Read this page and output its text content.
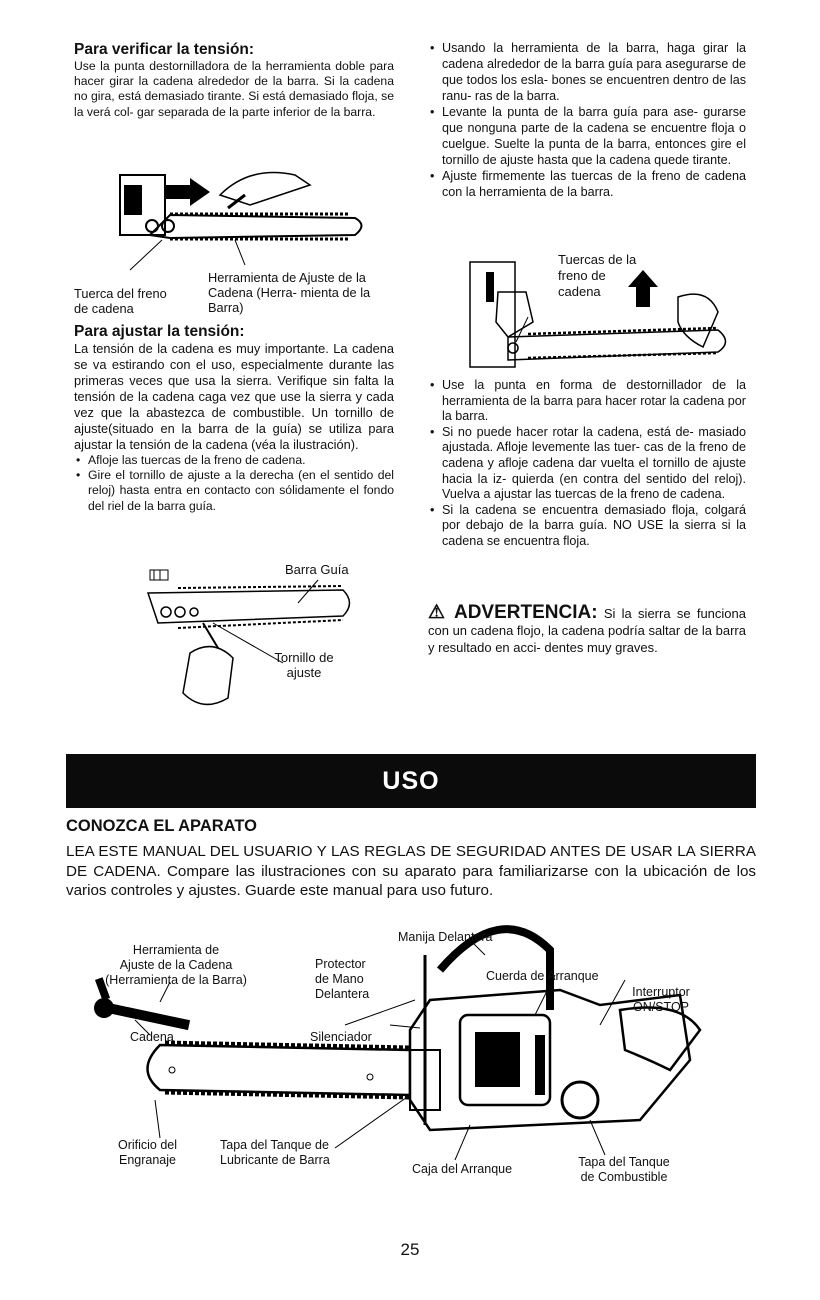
Para verificar la tensión:

Use la punta destornilladora de la herramienta doble para hacer girar la cadena alrededor de la barra. Si la cadena no gira, está demasiado tirante. Si está demasiado floja, se la verá col- gar separada de la parte inferior de la barra.

Herramienta de Ajuste de la Cadena (Herra- mienta de la Barra)
Tuerca del freno de cadena
Para ajustar la tensión:

La tensión de la cadena es muy importante. La cadena se va estirando con el uso, especialmente durante las primeras veces que usa la sierra. Verifique sin falta la tensión de la cadena caga vez que use la sierra y cada vez que la abastezca de combustible. Un tornillo de ajuste(situado en la barra de la guía) se utiliza para ajustar la tensión de la cadena (véa la ilustración).

• Afloje las tuercas de la freno de cadena.
• Gire el tornillo de ajuste a la derecha (en el sentido del reloj) hasta entra en contacto con sólidamente el fondo del riel de la barra guía.
Barra Guía
Tornillo de ajuste
• Usando la herramienta de la barra, haga girar la cadena alrededor de la barra guía para asegurarse de que todos los esla- bones se encuentren dentro de las ranu- ras de la barra.
• Levante la punta de la barra guía para ase- gurarse que nonguna parte de la cadena se encuentre floja o cuelgue. Suelte la punta de la barra, entonces gire el tornillo de ajuste hasta que la cadena quede tirante.
• Ajuste firmemente las tuercas de la freno de cadena con la herramienta de la barra.
Tuercas de la freno de cadena
• Use la punta en forma de destornillador de la herramienta de la barra para hacer rotar la cadena por la barra.
• Si no puede hacer rotar la cadena, está de- masiado ajustada. Afloje levemente las tuer- cas de la freno de cadena y afloje cadena dar vuelta el tornillo de ajuste hacia la iz- quierda (en contra del sentido del reloj). Vuelva a ajustar las tuercas de la freno de cadena.
• Si la cadena se encuentra demasiado floja, colgará por debajo de la barra guía. NO USE la sierra si la cadena se encuentra floja.

⚠ ADVERTENCIA: Si la sierra se funciona con un cadena flojo, la cadena podría saltar de la barra y resultado en acci- dentes muy graves.

USO
CONOZCA EL APARATO
LEA ESTE MANUAL DEL USUARIO Y LAS REGLAS DE SEGURIDAD ANTES DE USAR LA SIERRA DE CADENA. Compare las ilustraciones con su aparato para familiarizarse con la ubicación de los varios controles y ajustes. Guarde este manual para uso futuro.
Herramienta de
Ajuste de la Cadena
(Herramienta de la Barra)
Manija Delantera
Protector
de Mano
Delantera
Cuerda de Arranque
Interruptor
ON/STOP
Cadena	Silenciador
Orificio del
Engranaje
Tapa del Tanque de
Lubricante de Barra
Caja del Arranque	Tapa del Tanque
de Combustible
25
